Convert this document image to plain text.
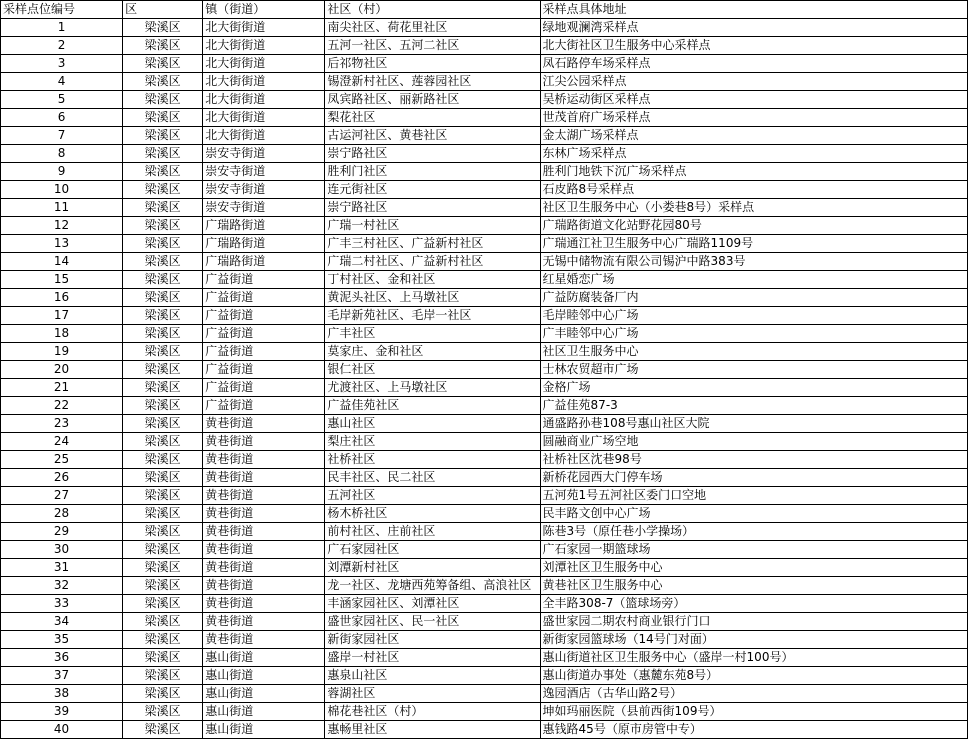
采样点位编号	区	镇（街道）	社区（村）	采样点具体地址
1	梁溪区	北大街街道	南尖社区、荷花里社区	绿地观澜湾采样点
2	梁溪区	北大街街道	五河一社区、五河二社区	北大街社区卫生服务中心采样点
3	梁溪区	北大街街道	后祁物社区	凤石路停车场采样点
4	梁溪区	北大街街道	锡澄新村社区、莲蓉园社区	江尖公园采样点
5	梁溪区	北大街街道	凤宾路社区、丽新路社区	吴桥运动街区采样点
6	梁溪区	北大街街道	梨花社区	世茂首府广场采样点
7	梁溪区	北大街街道	古运河社区、黄巷社区	金太湖广场采样点
8	梁溪区	崇安寺街道	崇宁路社区	东林广场采样点
9	梁溪区	崇安寺街道	胜利门社区	胜利门地铁下沉广场采样点
10	梁溪区	崇安寺街道	连元街社区	石皮路8号采样点
11	梁溪区	崇安寺街道	崇宁路社区	社区卫生服务中心（小娄巷8号）采样点
12	梁溪区	广瑞路街道	广瑞一村社区	广瑞路街道文化站野花园80号
13	梁溪区	广瑞路街道	广丰三村社区、广益新村社区	广瑞通江社卫生服务中心广瑞路1109号
14	梁溪区	广瑞路街道	广瑞二村社区、广益新村社区	无锡中储物流有限公司锡沪中路383号
15	梁溪区	广益街道	丁村社区、金和社区	红星婚恋广场
16	梁溪区	广益街道	黄泥头社区、上马墩社区	广益防腐装备厂内
17	梁溪区	广益街道	毛岸新苑社区、毛岸一社区	毛岸睦邻中心广场
18	梁溪区	广益街道	广丰社区	广丰睦邻中心广场
19	梁溪区	广益街道	莫家庄、金和社区	社区卫生服务中心
20	梁溪区	广益街道	银仁社区	士林农贸超市广场
21	梁溪区	广益街道	尤渡社区、上马墩社区	金格广场
22	梁溪区	广益街道	广益佳苑社区	广益佳苑87-3
23	梁溪区	黄巷街道	惠山社区	通盛路孙巷108号惠山社区大院
24	梁溪区	黄巷街道	梨庄社区	圆融商业广场空地
25	梁溪区	黄巷街道	社桥社区	社桥社区沈巷98号
26	梁溪区	黄巷街道	民丰社区、民二社区	新桥花园西大门停车场
27	梁溪区	黄巷街道	五河社区	五河苑1号五河社区委门口空地
28	梁溪区	黄巷街道	杨木桥社区	民丰路文创中心广场
29	梁溪区	黄巷街道	前村社区、庄前社区	陈巷3号（原任巷小学操场）
30	梁溪区	黄巷街道	广石家园社区	广石家园一期篮球场
31	梁溪区	黄巷街道	刘潭新村社区	刘潭社区卫生服务中心
32	梁溪区	黄巷街道	龙一社区、龙塘西苑筹备组、高浪社区	黄巷社区卫生服务中心
33	梁溪区	黄巷街道	丰涵家园社区、刘潭社区	全丰路308-7（篮球场旁）
34	梁溪区	黄巷街道	盛世家园社区、民一社区	盛世家园二期农村商业银行门口
35	梁溪区	黄巷街道	新街家园社区	新街家园篮球场（14号门对面）
36	梁溪区	惠山街道	盛岸一村社区	惠山街道社区卫生服务中心（盛岸一村100号）
37	梁溪区	惠山街道	惠泉山社区	惠山街道办事处（惠麓东苑8号）
38	梁溪区	惠山街道	蓉湖社区	逸园酒店（古华山路2号）
39	梁溪区	惠山街道	棉花巷社区（村）	坤如玛丽医院（县前西街109号）
40	梁溪区	惠山街道	惠畅里社区	惠钱路45号（原市房管中专）
